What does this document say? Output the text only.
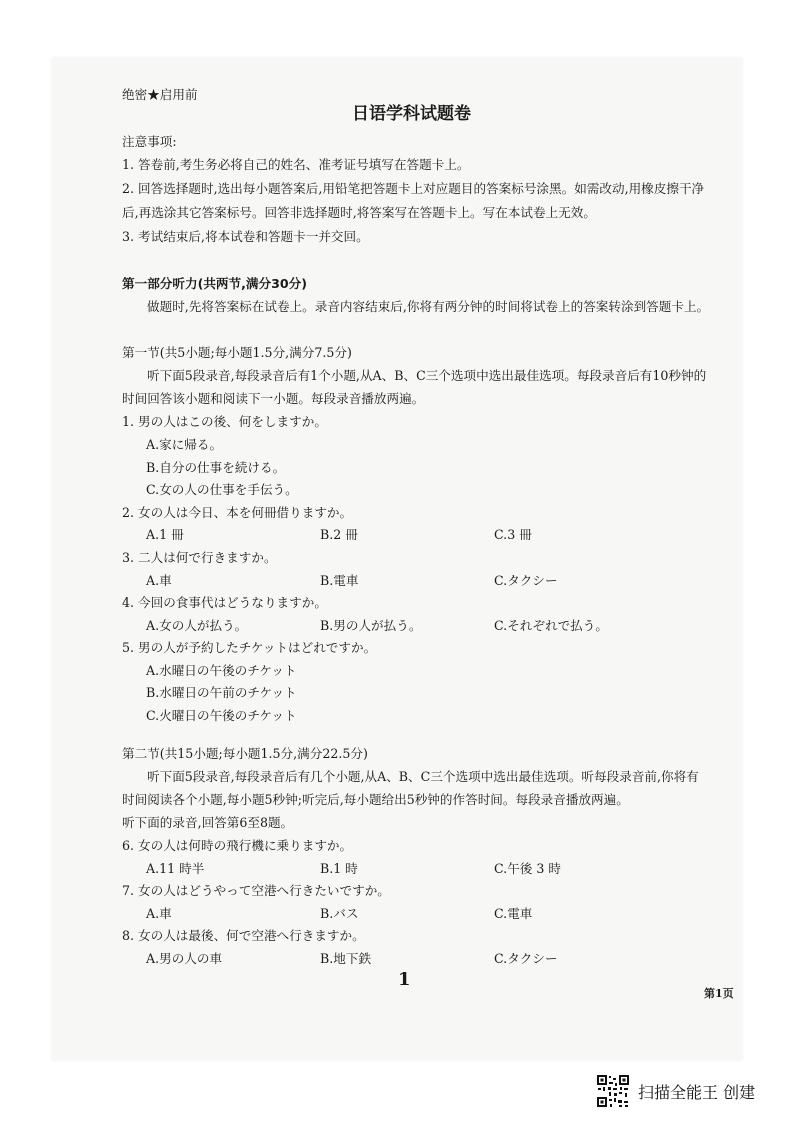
绝密★启用前
日语学科试题卷
注意事项:
1. 答卷前,考生务必将自己的姓名、准考证号填写在答题卡上。
2. 回答选择题时,选出每小题答案后,用铅笔把答题卡上对应题目的答案标号涂黑。如需改动,用橡皮擦干净
后,再选涂其它答案标号。回答非选择题时,将答案写在答题卡上。写在本试卷上无效。
3. 考试结束后,将本试卷和答题卡一并交回。
第一部分听力(共两节,满分30分)
做题时,先将答案标在试卷上。录音内容结束后,你将有两分钟的时间将试卷上的答案转涂到答题卡上。
第一节(共5小题;每小题1.5分,满分7.5分)
听下面5段录音,每段录音后有1个小题,从A、B、C三个选项中选出最佳选项。每段录音后有10秒钟的
时间回答该小题和阅读下一小题。每段录音播放两遍。
1. 男の人はこの後、何をしますか。
A.家に帰る。
B.自分の仕事を続ける。
C.女の人の仕事を手伝う。
2. 女の人は今日、本を何冊借りますか。
A.1 冊	B.2 冊	C.3 冊
3. 二人は何で行きますか。
A.車	B.電車	C.タクシー
4. 今回の食事代はどうなりますか。
A.女の人が払う。	B.男の人が払う。	C.それぞれで払う。
5. 男の人が予約したチケットはどれですか。
A.水曜日の午後のチケット
B.水曜日の午前のチケット
C.火曜日の午後のチケット
第二节(共15小题;每小题1.5分,满分22.5分)
听下面5段录音,每段录音后有几个小题,从A、B、C三个选项中选出最佳选项。听每段录音前,你将有
时间阅读各个小题,每小题5秒钟;听完后,每小题给出5秒钟的作答时间。每段录音播放两遍。
听下面的录音,回答第6至8题。
6. 女の人は何時の飛行機に乗りますか。
A.11 時半	B.1 時	C.午後 3 時
7. 女の人はどうやって空港へ行きたいですか。
A.車	B.バス	C.電車
8. 女の人は最後、何で空港へ行きますか。
A.男の人の車	B.地下鉄	C.タクシー
1
第1页
扫描全能王 创建
